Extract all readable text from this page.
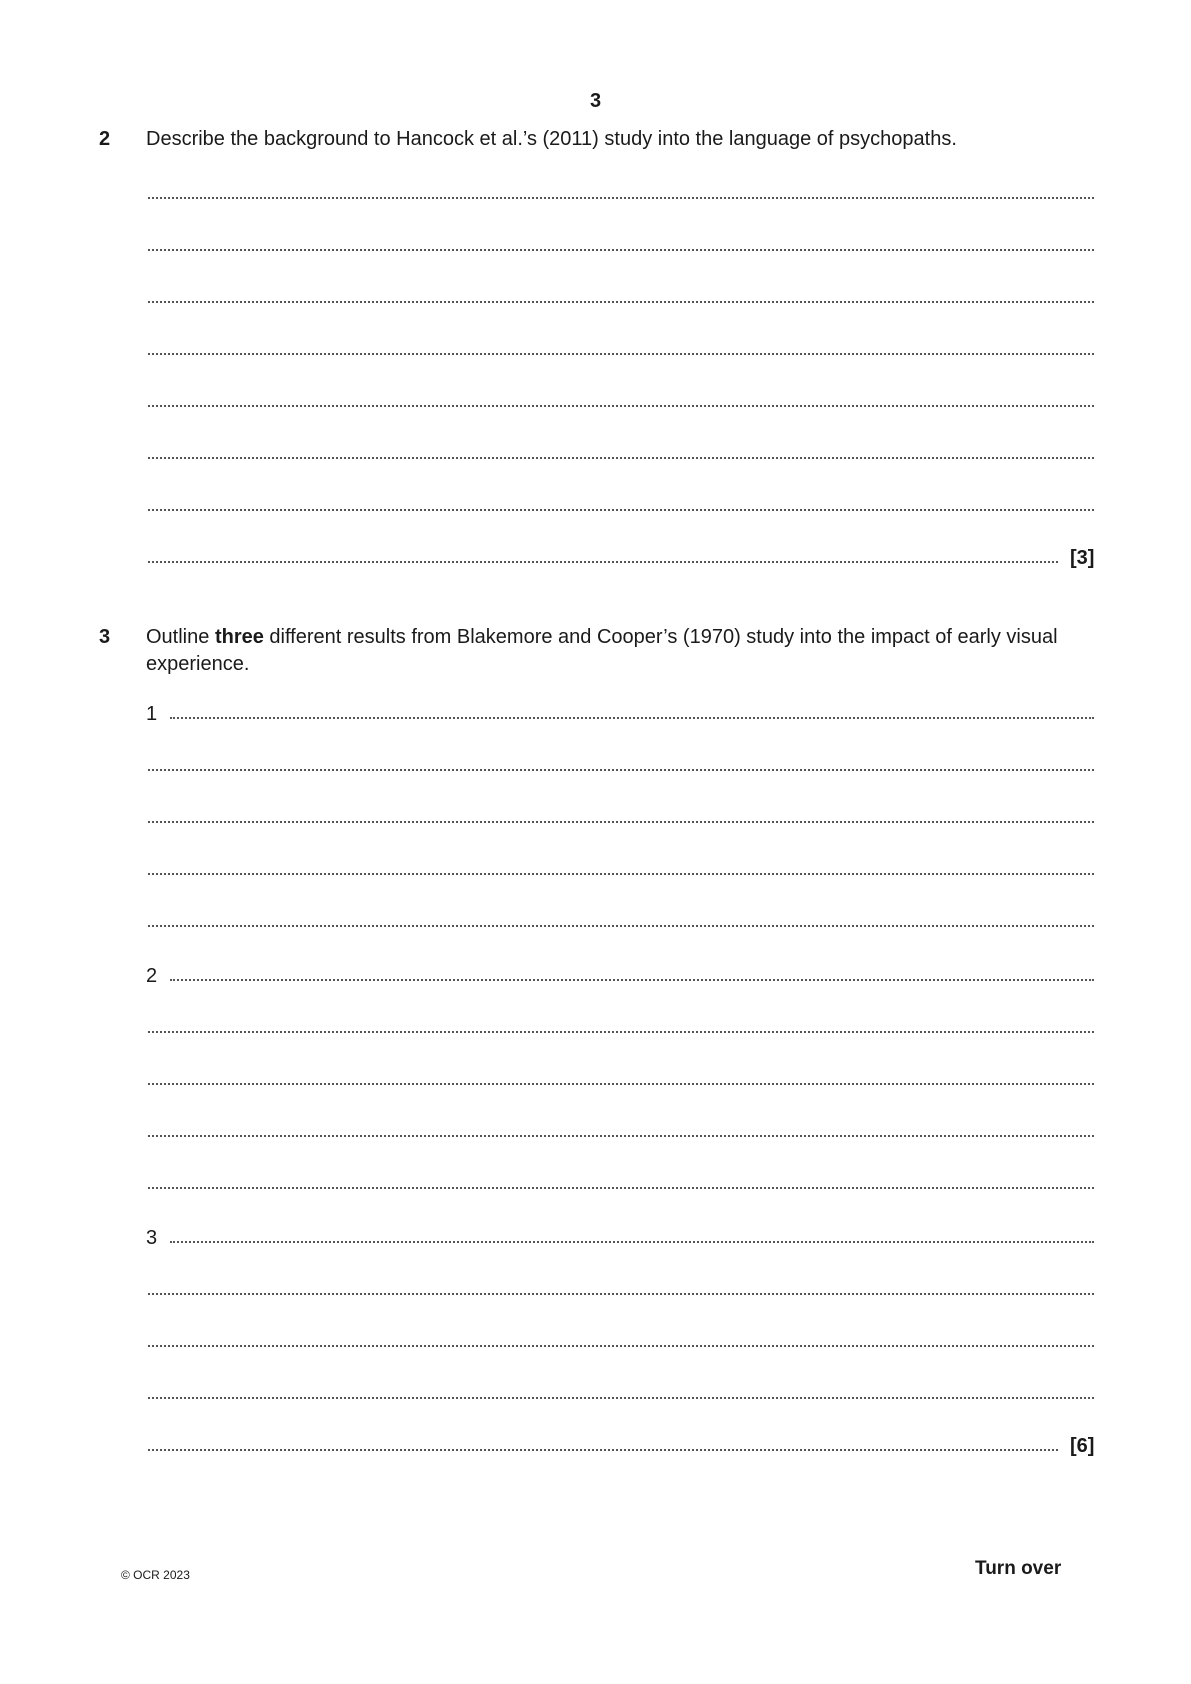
3
2 Describe the background to Hancock et al.’s (2011) study into the language of psychopaths.
[3]
3 Outline three different results from Blakemore and Cooper’s (1970) study into the impact of early visual experience.
1
2
3
[6]
© OCR 2023	Turn over
